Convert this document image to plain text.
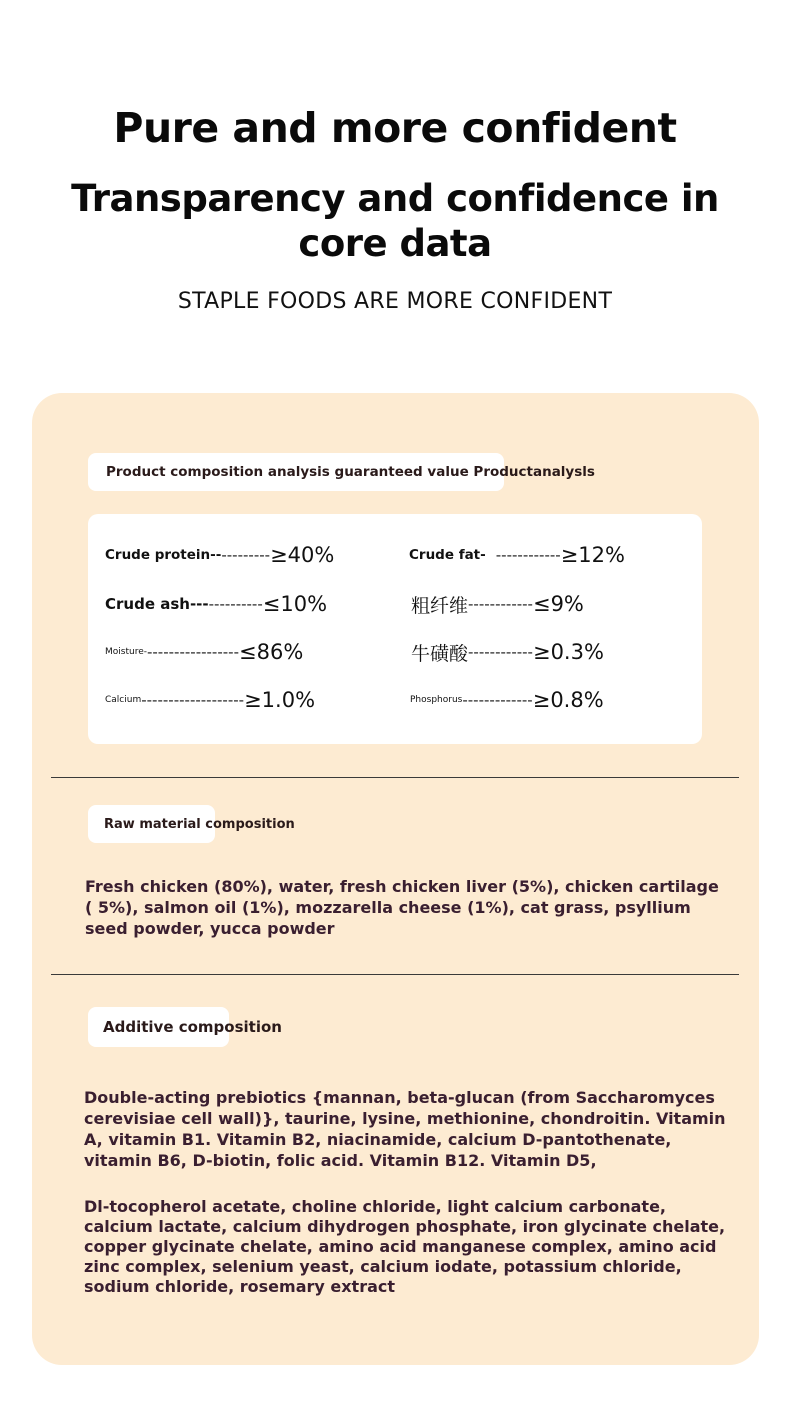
Pure and more confident
Transparency and confidence in core data
STAPLE FOODS ARE MORE CONFIDENT
Product composition analysis guaranteed value Productanalysls
Crude protein-- --------- ≥40%	Crude fat- ------------ ≥12%
Crude ash--- ---------- ≤10%	粗纤维 ------------ ≤9%
Moisture- ----------------- ≤86%	牛磺酸 ------------ ≥0.3%
Calcium ------------------- ≥1.0%	Phosphorus ------------- ≥0.8%
Raw material composition
Fresh chicken (80%), water, fresh chicken liver (5%), chicken cartilage ( 5%), salmon oil (1%), mozzarella cheese (1%), cat grass, psyllium seed powder, yucca powder
Additive composition
Double-acting prebiotics {mannan, beta-glucan (from Saccharomyces cerevisiae cell wall)}, taurine, lysine, methionine, chondroitin. Vitamin A, vitamin B1. Vitamin B2, niacinamide, calcium D-pantothenate, vitamin B6, D-biotin, folic acid. Vitamin B12. Vitamin D5,
Dl-tocopherol acetate, choline chloride, light calcium carbonate, calcium lactate, calcium dihydrogen phosphate, iron glycinate chelate, copper glycinate chelate, amino acid manganese complex, amino acid zinc complex, selenium yeast, calcium iodate, potassium chloride, sodium chloride, rosemary extract
